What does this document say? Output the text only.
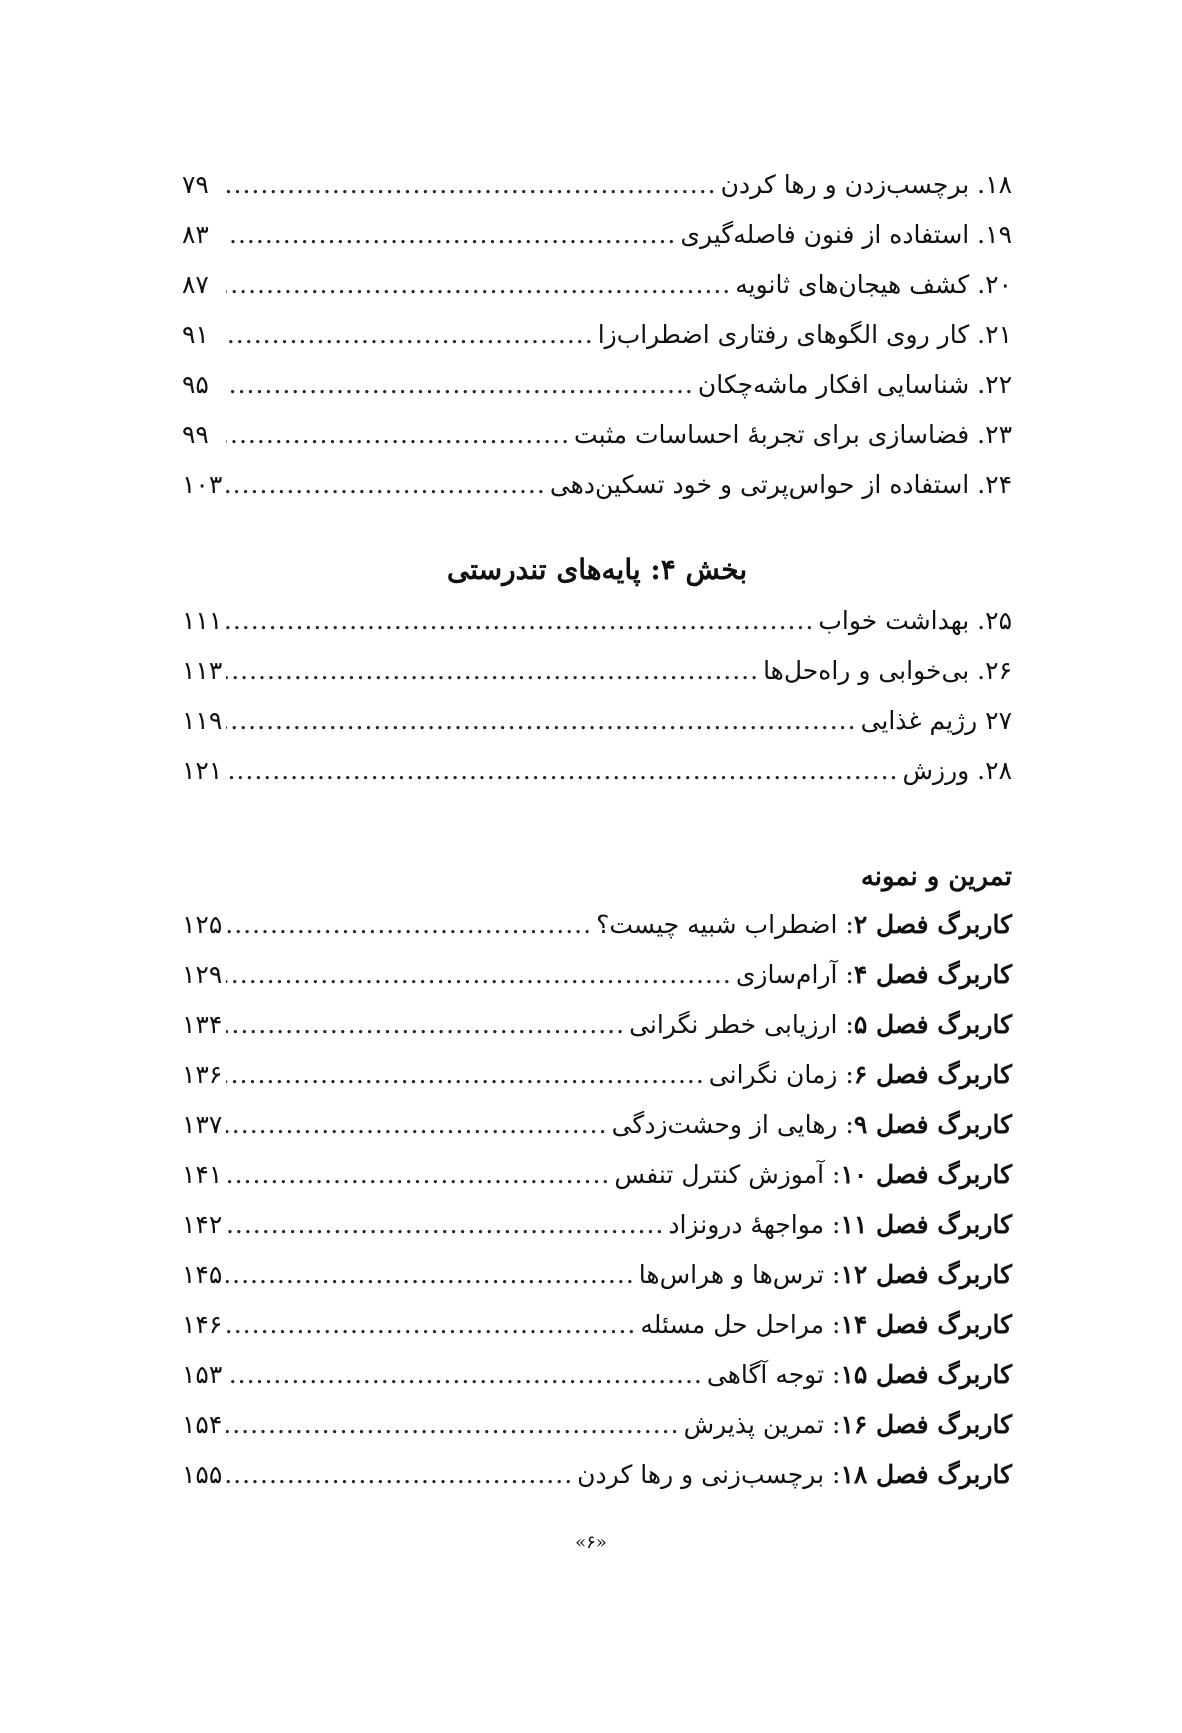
۱۸. برچسب‌زدن و رها کردن
.....
۷۹
۱۹. استفاده از فنون فاصله‌گیری
.....
۸۳
۲۰. کشف هیجان‌های ثانویه
.....
۸۷
۲۱. کار روی الگوهای رفتاری اضطراب‌زا
.....
۹۱
۲۲. شناسایی افکار ماشه‌چکان
.....
۹۵
۲۳. فضاسازی برای تجربهٔ احساسات مثبت
.....
۹۹
۲۴. استفاده از حواس‌پرتی و خود تسکین‌دهی
.....
۱۰۳
بخش ۴: پایه‌های تندرستی
۲۵. بهداشت خواب
.....
۱۱۱
۲۶. بی‌خوابی و راه‌حل‌ها
.....
۱۱۳
۲۷ رژیم غذایی
.....
۱۱۹
۲۸. ورزش
.....
۱۲۱
تمرین و نمونه
کاربرگ فصل ۲: اضطراب شبیه چیست؟
.....
۱۲۵
کاربرگ فصل ۴: آرام‌سازی
.....
۱۲۹
کاربرگ فصل ۵: ارزیابی خطر نگرانی
.....
۱۳۴
کاربرگ فصل ۶: زمان نگرانی
.....
۱۳۶
کاربرگ فصل ۹: رهایی از وحشت‌زدگی
.....
۱۳۷
کاربرگ فصل ۱۰: آموزش کنترل تنفس
.....
۱۴۱
کاربرگ فصل ۱۱: مواجههٔ درونزاد
.....
۱۴۲
کاربرگ فصل ۱۲: ترس‌ها و هراس‌ها
.....
۱۴۵
کاربرگ فصل ۱۴: مراحل حل مسئله
.....
۱۴۶
کاربرگ فصل ۱۵: توجه آگاهی
.....
۱۵۳
کاربرگ فصل ۱۶: تمرین پذیرش
.....
۱۵۴
کاربرگ فصل ۱۸: برچسب‌زنی و رها کردن
.....
۱۵۵
«۶»
